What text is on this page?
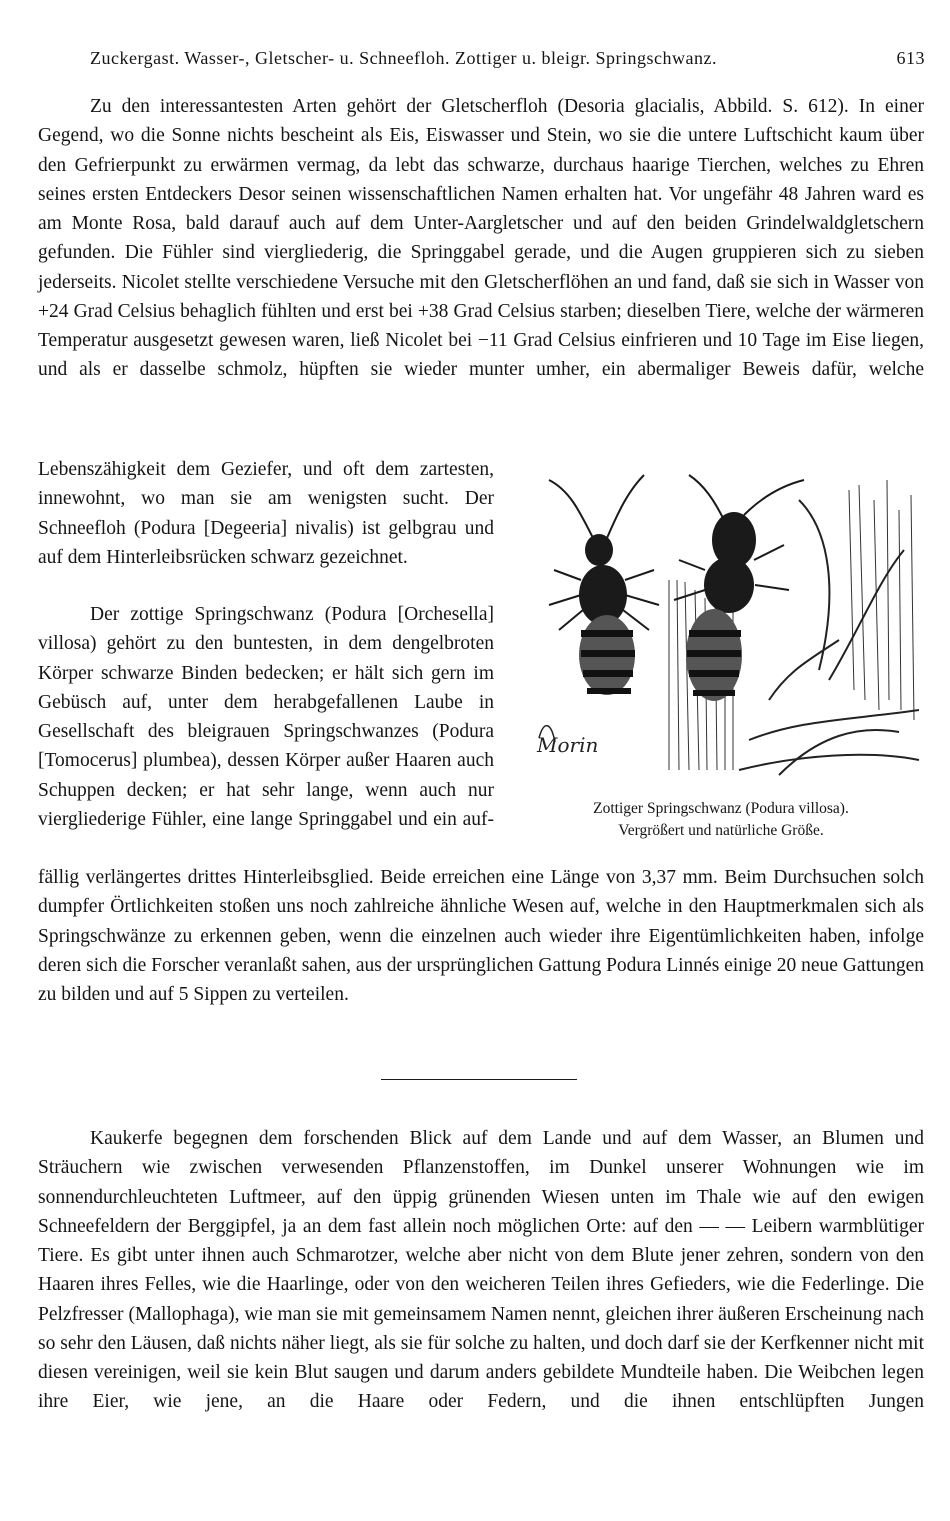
Zuckergast. Wasser-, Gletscher- u. Schneefloh. Zottiger u. bleigr. Springschwanz.	613

Zu den interessantesten Arten gehört der Gletscherfloh (Desoria glacialis, Abbild. S. 612). In einer Gegend, wo die Sonne nichts bescheint als Eis, Eiswasser und Stein, wo sie die untere Luftschicht kaum über den Gefrierpunkt zu erwärmen vermag, da lebt das schwarze, durchaus haarige Tierchen, welches zu Ehren seines ersten Entdeckers Desor seinen wissenschaftlichen Namen erhalten hat. Vor ungefähr 48 Jahren ward es am Monte Rosa, bald darauf auch auf dem Unter-Aargletscher und auf den beiden Grindelwaldgletschern gefunden. Die Fühler sind viergliederig, die Springgabel gerade, und die Augen gruppieren sich zu sieben jederseits. Nicolet stellte verschiedene Versuche mit den Gletscherflöhen an und fand, daß sie sich in Wasser von +24 Grad Celsius behaglich fühlten und erst bei +38 Grad Celsius starben; dieselben Tiere, welche der wärmeren Temperatur ausgesetzt gewesen waren, ließ Nicolet bei −11 Grad Celsius einfrieren und 10 Tage im Eise liegen, und als er dasselbe schmolz, hüpften sie wieder munter umher, ein abermaliger Beweis dafür, welche

Lebenszähigkeit dem Geziefer, und oft dem zartesten, innewohnt, wo man sie am wenigsten sucht. Der Schneefloh (Podura [Degeeria] nivalis) ist gelbgrau und auf dem Hinterleibsrücken schwarz gezeichnet.

Der zottige Springschwanz (Podura [Orchesella] villosa) gehört zu den buntesten, in dem dengelbroten Körper schwarze Binden bedecken; er hält sich gern im Gebüsch auf, unter dem herabgefallenen Laube in Gesellschaft des bleigrauen Springschwanzes (Podura [Tomocerus] plumbea), dessen Körper außer Haaren auch Schuppen decken; er hat sehr lange, wenn auch nur viergliederige Fühler, eine lange Springgabel und ein auf-

fällig verlängertes drittes Hinterleibsglied. Beide erreichen eine Länge von 3,37 mm. Beim Durchsuchen solch dumpfer Örtlichkeiten stoßen uns noch zahlreiche ähnliche Wesen auf, welche in den Hauptmerkmalen sich als Springschwänze zu erkennen geben, wenn die einzelnen auch wieder ihre Eigentümlichkeiten haben, infolge deren sich die Forscher veranlaßt sahen, aus der ursprünglichen Gattung Podura Linnés einige 20 neue Gattungen zu bilden und auf 5 Sippen zu verteilen.

Morin
Zottiger Springschwanz (Podura villosa).
Vergrößert und natürliche Größe.

Kaukerfe begegnen dem forschenden Blick auf dem Lande und auf dem Wasser, an Blumen und Sträuchern wie zwischen verwesenden Pflanzenstoffen, im Dunkel unserer Wohnungen wie im sonnendurchleuchteten Luftmeer, auf den üppig grünenden Wiesen unten im Thale wie auf den ewigen Schneefeldern der Berggipfel, ja an dem fast allein noch möglichen Orte: auf den — — Leibern warmblütiger Tiere. Es gibt unter ihnen auch Schmarotzer, welche aber nicht von dem Blute jener zehren, sondern von den Haaren ihres Felles, wie die Haarlinge, oder von den weicheren Teilen ihres Gefieders, wie die Federlinge. Die Pelzfresser (Mallophaga), wie man sie mit gemeinsamem Namen nennt, gleichen ihrer äußeren Erscheinung nach so sehr den Läusen, daß nichts näher liegt, als sie für solche zu halten, und doch darf sie der Kerfkenner nicht mit diesen vereinigen, weil sie kein Blut saugen und darum anders gebildete Mundteile haben. Die Weibchen legen ihre Eier, wie jene, an die Haare oder Federn, und die ihnen entschlüpften Jungen
